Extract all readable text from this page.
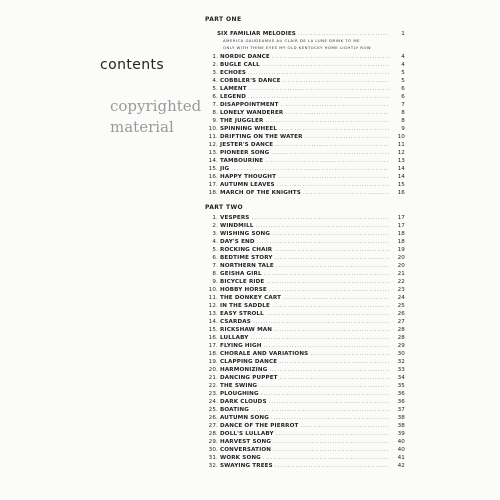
contents
copyrighted
material
PART ONE
SIX FAMILIAR MELODIES .....	1
AMERICA GAUDEAMUS AU CLAIR DE LA LUNE DRINK TO ME ONLY WITH THINE EYES MY OLD KENTUCKY HOME LIGHTLY ROW
1. NORDIC DANCE .....	4
2. BUGLE CALL .....	4
3. ECHOES .....	5
4. COBBLER'S DANCE .....	5
5. LAMENT .....	6
6. LEGEND .....	6
7. DISAPPOINTMENT .....	7
8. LONELY WANDERER .....	8
9. THE JUGGLER .....	8
10. SPINNING WHEEL .....	9
11. DRIFTING ON THE WATER .....	10
12. JESTER'S DANCE .....	11
13. PIONEER SONG .....	12
14. TAMBOURINE .....	13
15. JIG .....	14
16. HAPPY THOUGHT .....	14
17. AUTUMN LEAVES .....	15
18. MARCH OF THE KNIGHTS .....	16
PART TWO
1. VESPERS .....	17
2. WINDMILL .....	17
3. WISHING SONG .....	18
4. DAY'S END .....	18
5. ROCKING CHAIR .....	19
6. BEDTIME STORY .....	20
7. NORTHERN TALE .....	20
8. GEISHA GIRL .....	21
9. BICYCLE RIDE .....	22
10. HOBBY HORSE .....	23
11. THE DONKEY CART .....	24
12. IN THE SADDLE .....	25
13. EASY STROLL .....	26
14. CSARDAS .....	27
15. RICKSHAW MAN .....	28
16. LULLABY .....	28
17. FLYING HIGH .....	29
18. CHORALE AND VARIATIONS .....	30
19. CLAPPING DANCE .....	32
20. HARMONIZING .....	33
21. DANCING PUPPET .....	34
22. THE SWING .....	35
23. PLOUGHING .....	36
24. DARK CLOUDS .....	36
25. BOATING .....	37
26. AUTUMN SONG .....	38
27. DANCE OF THE PIERROT .....	38
28. DOLL'S LULLABY .....	39
29. HARVEST SONG .....	40
30. CONVERSATION .....	40
31. WORK SONG .....	41
32. SWAYING TREES .....	42
